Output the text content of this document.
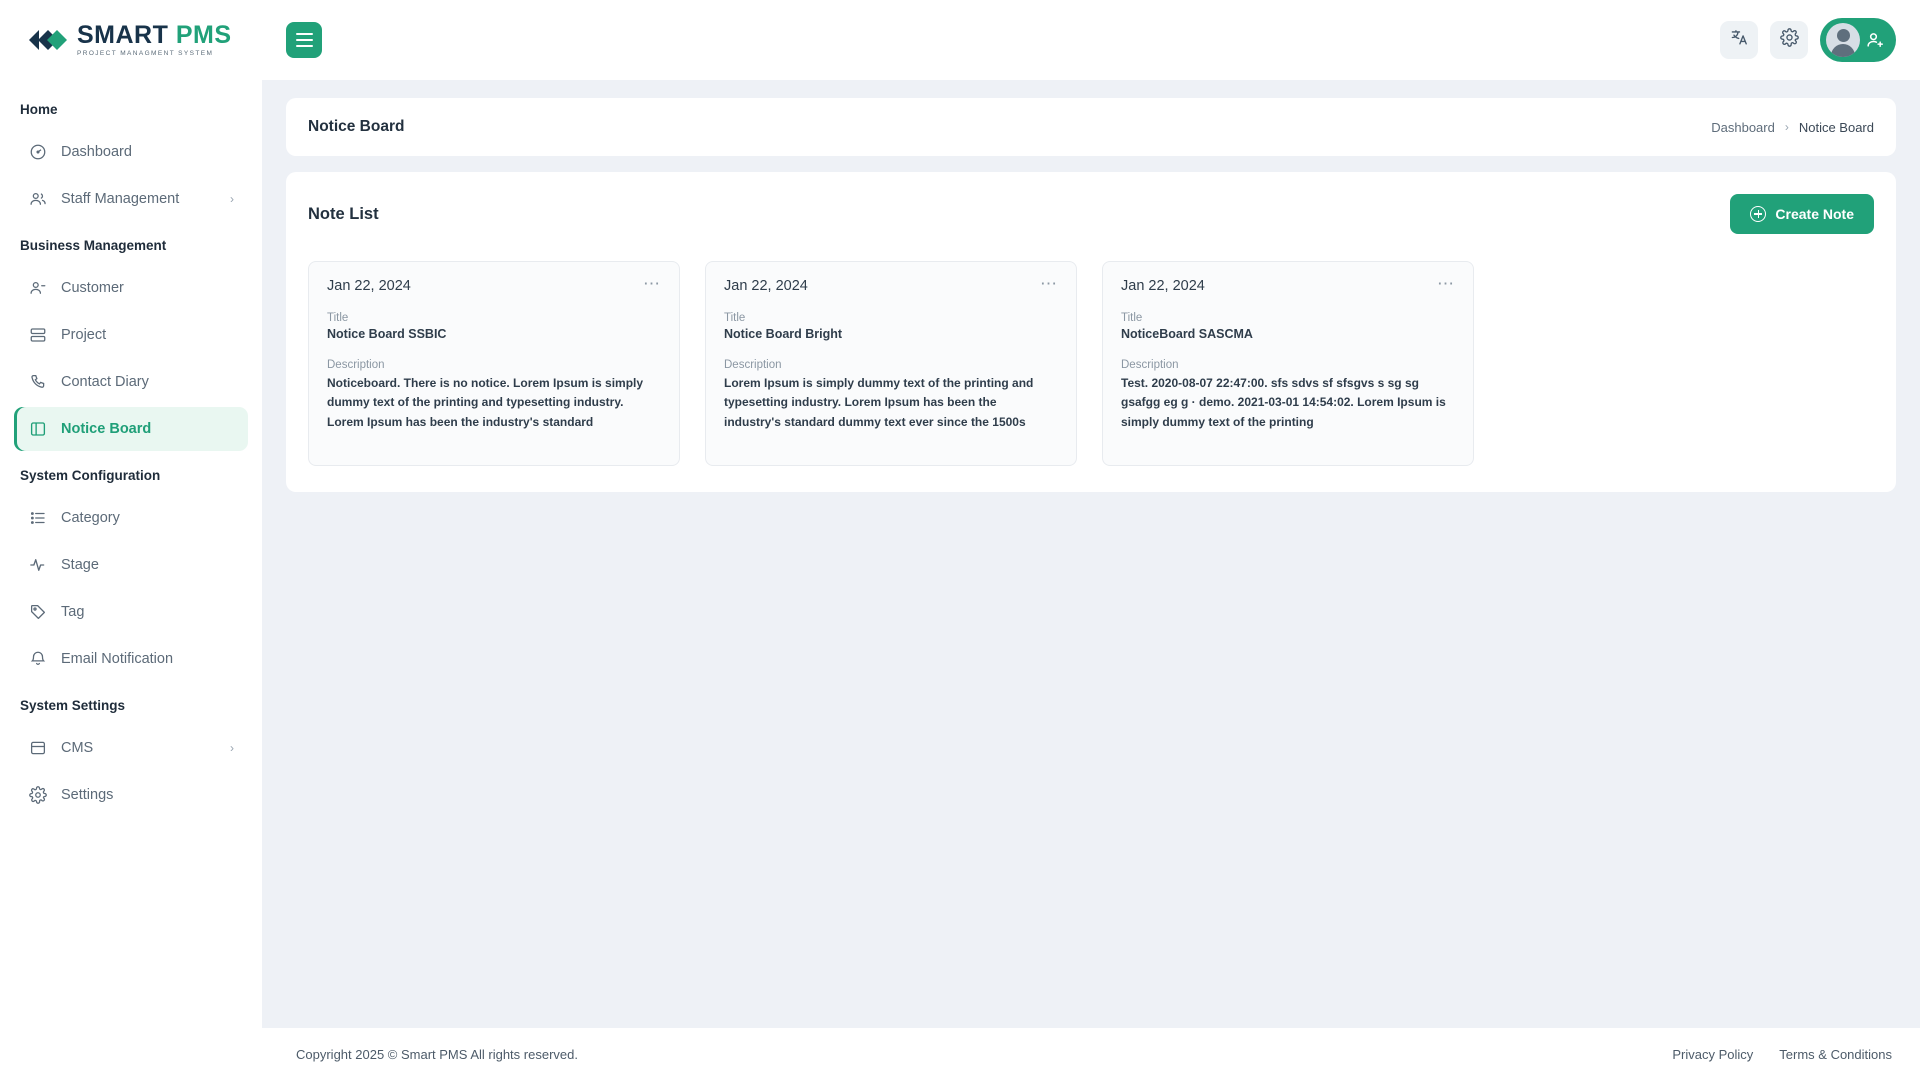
SMART PMS
PROJECT MANAGMENT SYSTEM
Home
Dashboard
Staff Management	›
Business Management
Customer
Project
Contact Diary
Notice Board
System Configuration
Category
Stage
Tag
Email Notification
System Settings
CMS	›
Settings
Notice Board	Dashboard › Notice Board
Note List	Create Note
Jan 22, 2024	⋯
Title
Notice Board SSBIC
Description
Noticeboard. There is no notice. Lorem Ipsum is simply dummy text of the printing and typesetting industry. Lorem Ipsum has been the industry's standard
Jan 22, 2024	⋯
Title
Notice Board Bright
Description
Lorem Ipsum is simply dummy text of the printing and typesetting industry. Lorem Ipsum has been the industry's standard dummy text ever since the 1500s
Jan 22, 2024	⋯
Title
NoticeBoard SASCMA
Description
Test. 2020-08-07 22:47:00. sfs sdvs sf sfsgvs s sg sg gsafgg eg g · demo. 2021-03-01 14:54:02. Lorem Ipsum is simply dummy text of the printing
Copyright 2025 © Smart PMS All rights reserved.	Privacy Policy Terms & Conditions
